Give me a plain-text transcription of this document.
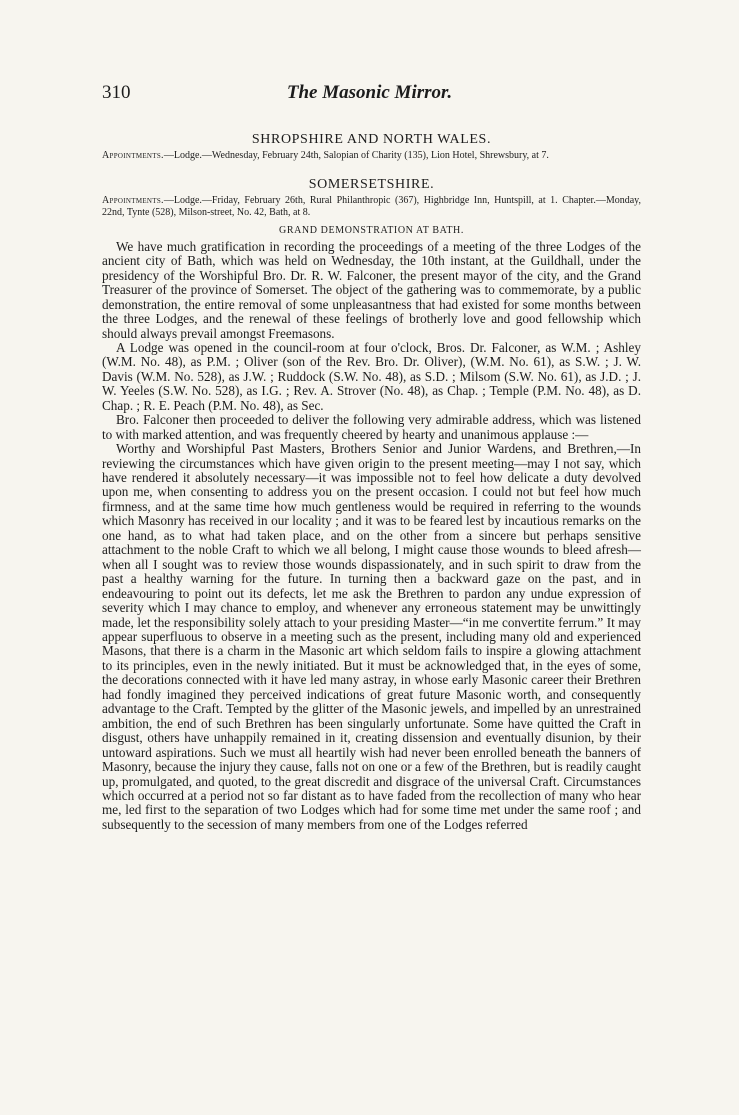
310	The Masonic Mirror.
SHROPSHIRE AND NORTH WALES.

Appointments.—Lodge.—Wednesday, February 24th, Salopian of Charity (135), Lion Hotel, Shrewsbury, at 7.

SOMERSETSHIRE.

Appointments.—Lodge.—Friday, February 26th, Rural Philanthropic (367), Highbridge Inn, Huntspill, at 1. Chapter.—Monday, 22nd, Tynte (528), Milson-street, No. 42, Bath, at 8.

GRAND DEMONSTRATION AT BATH.

We have much gratification in recording the proceedings of a meeting of the three Lodges of the ancient city of Bath, which was held on Wednesday, the 10th instant, at the Guildhall, under the presidency of the Worshipful Bro. Dr. R. W. Falconer, the present mayor of the city, and the Grand Treasurer of the province of Somerset. The object of the gathering was to commemorate, by a public demonstration, the entire removal of some unpleasantness that had existed for some months between the three Lodges, and the renewal of these feelings of brotherly love and good fellowship which should always prevail amongst Freemasons.

A Lodge was opened in the council-room at four o'clock, Bros. Dr. Falconer, as W.M. ; Ashley (W.M. No. 48), as P.M. ; Oliver (son of the Rev. Bro. Dr. Oliver), (W.M. No. 61), as S.W. ; J. W. Davis (W.M. No. 528), as J.W. ; Ruddock (S.W. No. 48), as S.D. ; Milsom (S.W. No. 61), as J.D. ; J. W. Yeeles (S.W. No. 528), as I.G. ; Rev. A. Strover (No. 48), as Chap. ; Temple (P.M. No. 48), as D. Chap. ; R. E. Peach (P.M. No. 48), as Sec.

Bro. Falconer then proceeded to deliver the following very admirable address, which was listened to with marked attention, and was frequently cheered by hearty and unanimous applause :—

Worthy and Worshipful Past Masters, Brothers Senior and Junior Wardens, and Brethren,—In reviewing the circumstances which have given origin to the present meeting—may I not say, which have rendered it absolutely necessary—it was impossible not to feel how delicate a duty devolved upon me, when consenting to address you on the present occasion. I could not but feel how much firmness, and at the same time how much gentleness would be required in referring to the wounds which Masonry has received in our locality ; and it was to be feared lest by incautious remarks on the one hand, as to what had taken place, and on the other from a sincere but perhaps sensitive attachment to the noble Craft to which we all belong, I might cause those wounds to bleed afresh—when all I sought was to review those wounds dispassionately, and in such spirit to draw from the past a healthy warning for the future. In turning then a backward gaze on the past, and in endeavouring to point out its defects, let me ask the Brethren to pardon any undue expression of severity which I may chance to employ, and whenever any erroneous statement may be unwittingly made, let the responsibility solely attach to your presiding Master—“in me convertite ferrum.” It may appear superfluous to observe in a meeting such as the present, including many old and experienced Masons, that there is a charm in the Masonic art which seldom fails to inspire a glowing attachment to its principles, even in the newly initiated. But it must be acknowledged that, in the eyes of some, the decorations connected with it have led many astray, in whose early Masonic career their Brethren had fondly imagined they perceived indications of great future Masonic worth, and consequently advantage to the Craft. Tempted by the glitter of the Masonic jewels, and impelled by an unrestrained ambition, the end of such Brethren has been singularly unfortunate. Some have quitted the Craft in disgust, others have unhappily remained in it, creating dissension and eventually disunion, by their untoward aspirations. Such we must all heartily wish had never been enrolled beneath the banners of Masonry, because the injury they cause, falls not on one or a few of the Brethren, but is readily caught up, promulgated, and quoted, to the great discredit and disgrace of the universal Craft. Circumstances which occurred at a period not so far distant as to have faded from the recollection of many who hear me, led first to the separation of two Lodges which had for some time met under the same roof ; and subsequently to the secession of many members from one of the Lodges referred
